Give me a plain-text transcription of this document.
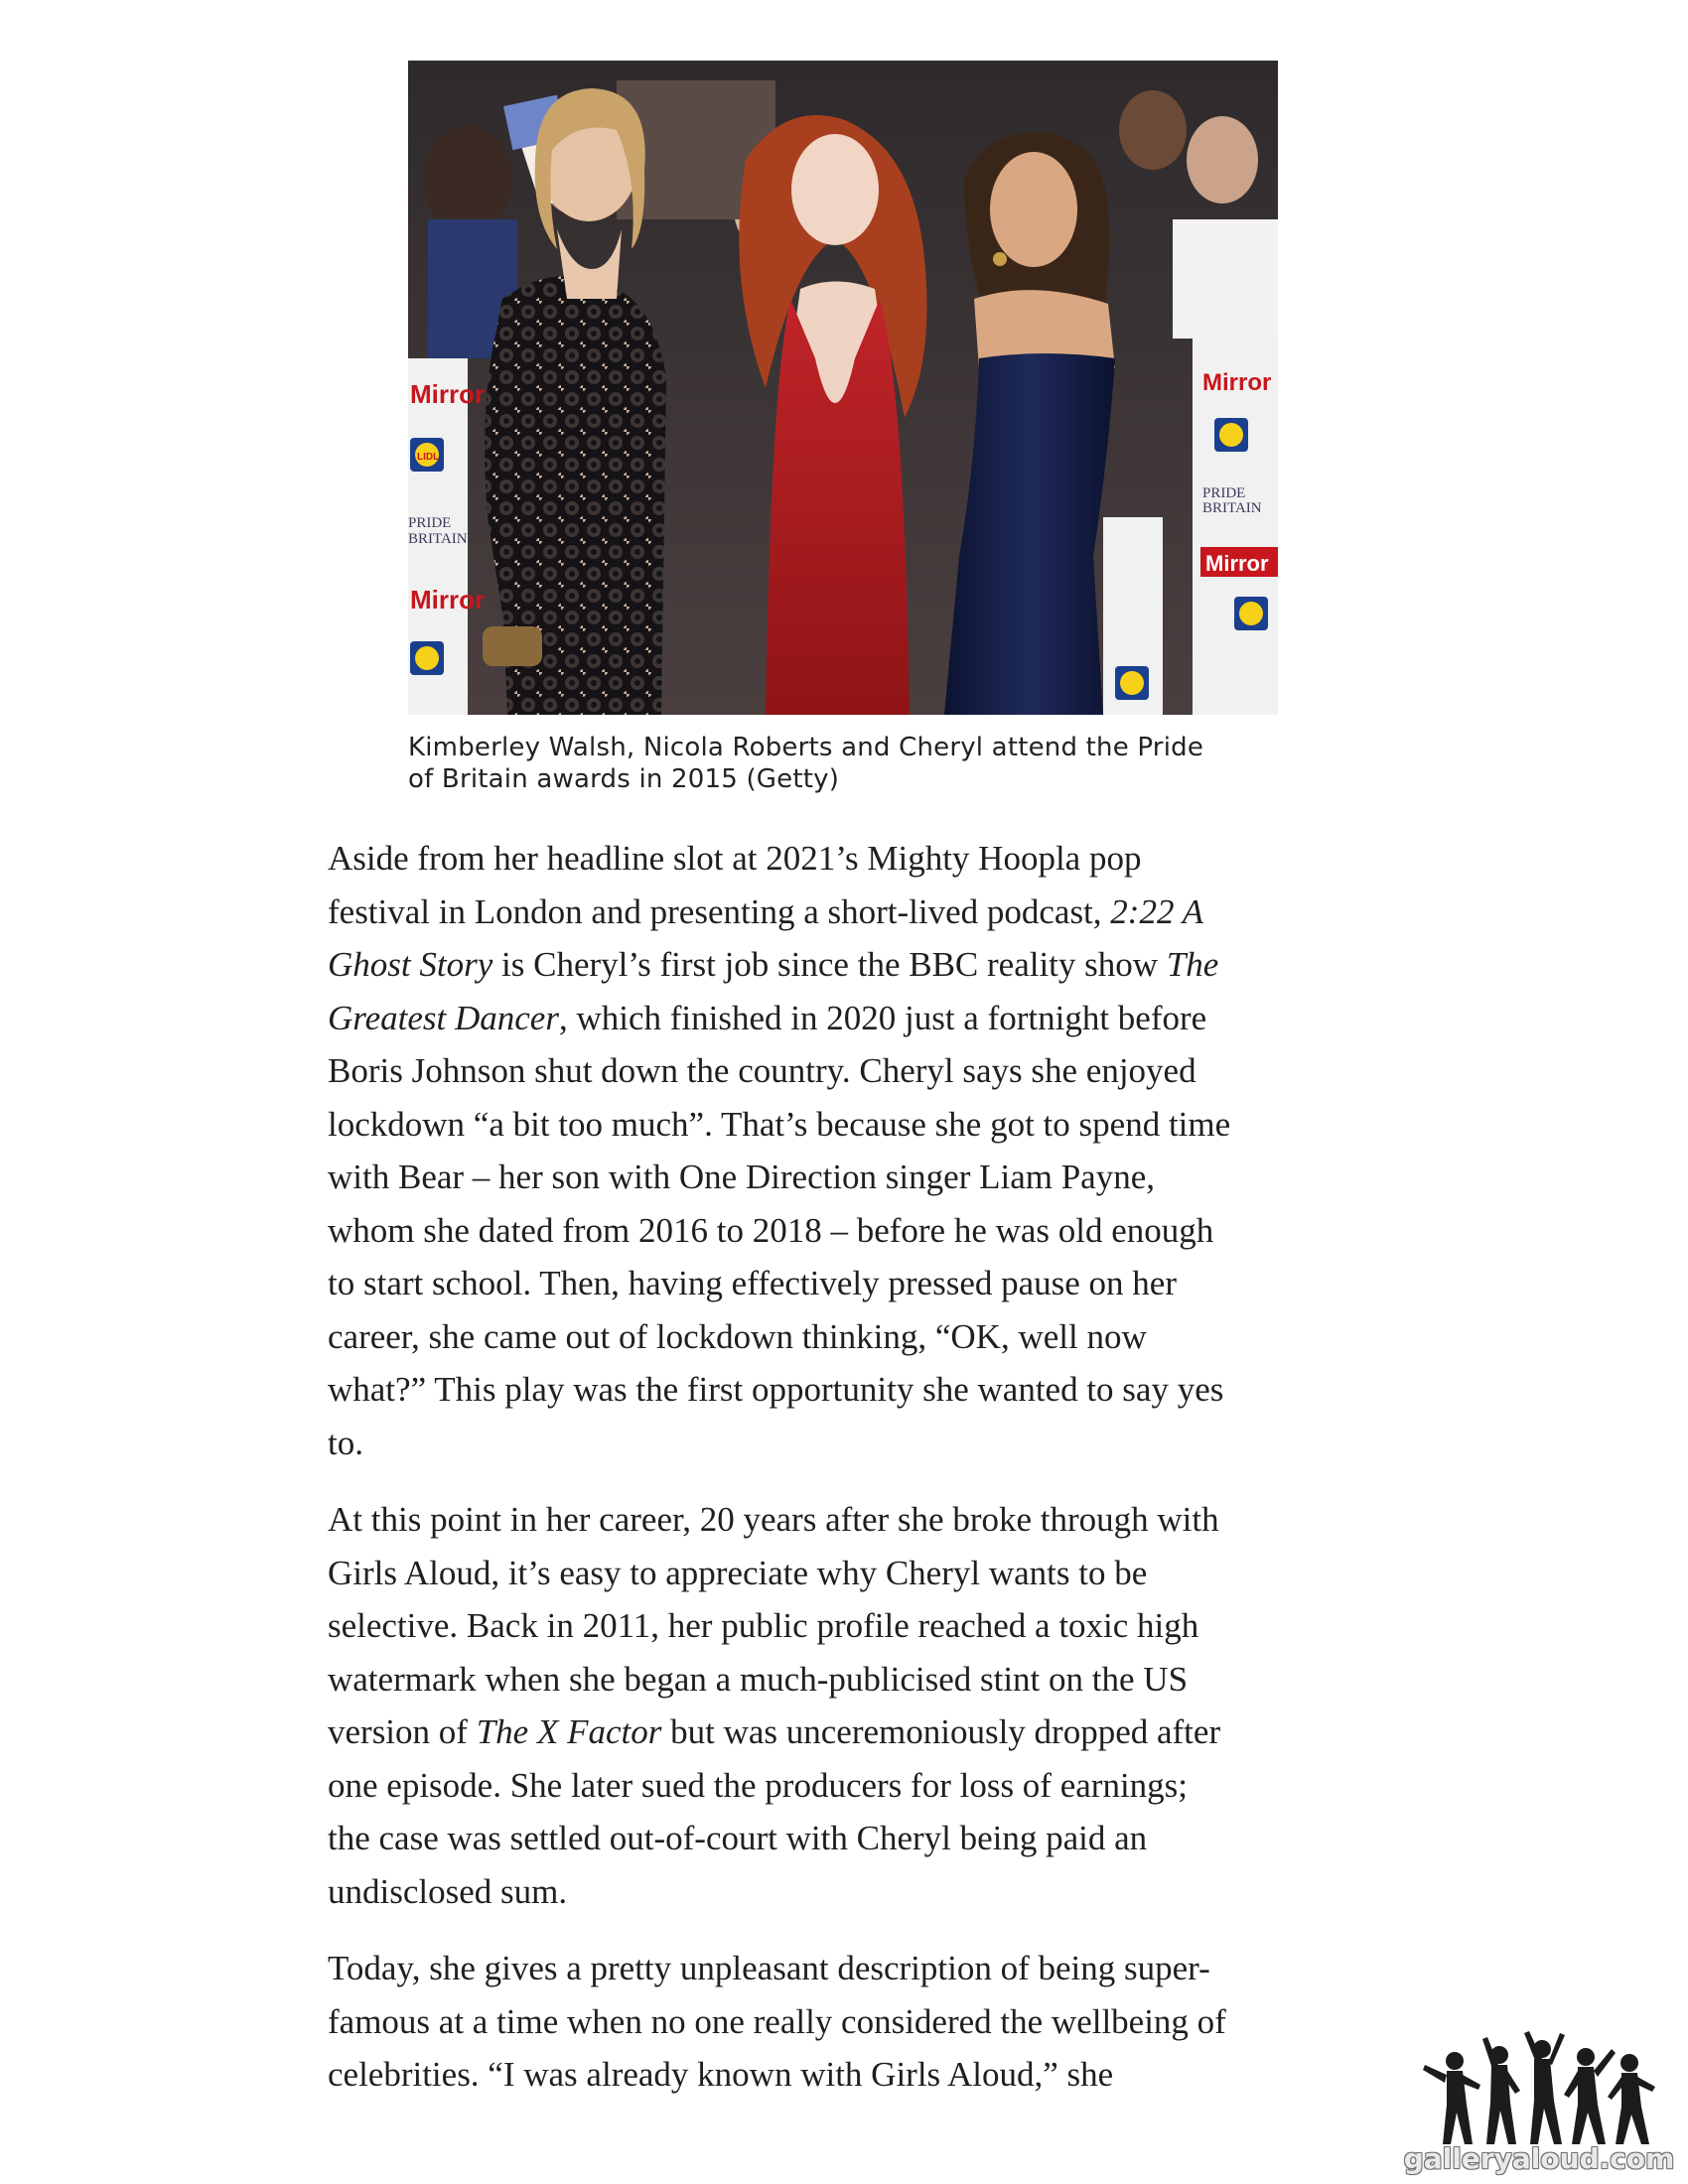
Mirror
LIDL
PRIDE
BRITAIN
Mirror
Mirror
PRIDE
BRITAIN
Mirror
Kimberley Walsh, Nicola Roberts and Cheryl attend the Pride
of Britain awards in 2015 (Getty)

Aside from her headline slot at 2021’s Mighty Hoopla pop
festival in London and presenting a short-lived podcast, 2:22 A
Ghost Story is Cheryl’s first job since the BBC reality show The
Greatest Dancer, which finished in 2020 just a fortnight before
Boris Johnson shut down the country. Cheryl says she enjoyed
lockdown “a bit too much”. That’s because she got to spend time
with Bear – her son with One Direction singer Liam Payne,
whom she dated from 2016 to 2018 – before he was old enough
to start school. Then, having effectively pressed pause on her
career, she came out of lockdown thinking, “OK, well now
what?” This play was the first opportunity she wanted to say yes
to.

At this point in her career, 20 years after she broke through with
Girls Aloud, it’s easy to appreciate why Cheryl wants to be
selective. Back in 2011, her public profile reached a toxic high
watermark when she began a much-publicised stint on the US
version of The X Factor but was unceremoniously dropped after
one episode. She later sued the producers for loss of earnings;
the case was settled out-of-court with Cheryl being paid an
undisclosed sum.

Today, she gives a pretty unpleasant description of being super-
famous at a time when no one really considered the wellbeing of
celebrities. “I was already known with Girls Aloud,” she

galleryaloud.com
